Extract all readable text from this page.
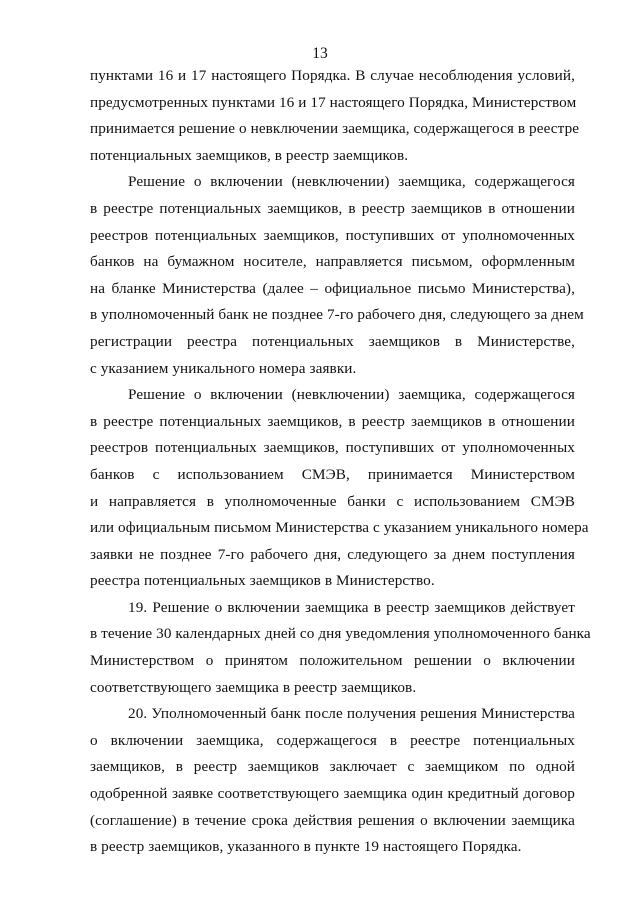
13

пунктами 16 и 17 настоящего Порядка. В случае несоблюдения условий,
предусмотренных пунктами 16 и 17 настоящего Порядка, Министерством
принимается решение о невключении заемщика, содержащегося в реестре
потенциальных заемщиков, в реестр заемщиков.

Решение о включении (невключении) заемщика, содержащегося
в реестре потенциальных заемщиков, в реестр заемщиков в отношении
реестров потенциальных заемщиков, поступивших от уполномоченных
банков на бумажном носителе, направляется письмом, оформленным
на бланке Министерства (далее – официальное письмо Министерства),
в уполномоченный банк не позднее 7-го рабочего дня, следующего за днем
регистрации реестра потенциальных заемщиков в Министерстве,
с указанием уникального номера заявки.

Решение о включении (невключении) заемщика, содержащегося
в реестре потенциальных заемщиков, в реестр заемщиков в отношении
реестров потенциальных заемщиков, поступивших от уполномоченных
банков с использованием СМЭВ, принимается Министерством
и направляется в уполномоченные банки с использованием СМЭВ
или официальным письмом Министерства с указанием уникального номера
заявки не позднее 7-го рабочего дня, следующего за днем поступления
реестра потенциальных заемщиков в Министерство.

19. Решение о включении заемщика в реестр заемщиков действует
в течение 30 календарных дней со дня уведомления уполномоченного банка
Министерством о принятом положительном решении о включении
соответствующего заемщика в реестр заемщиков.

20. Уполномоченный банк после получения решения Министерства
о включении заемщика, содержащегося в реестре потенциальных
заемщиков, в реестр заемщиков заключает с заемщиком по одной
одобренной заявке соответствующего заемщика один кредитный договор
(соглашение) в течение срока действия решения о включении заемщика
в реестр заемщиков, указанного в пункте 19 настоящего Порядка.
